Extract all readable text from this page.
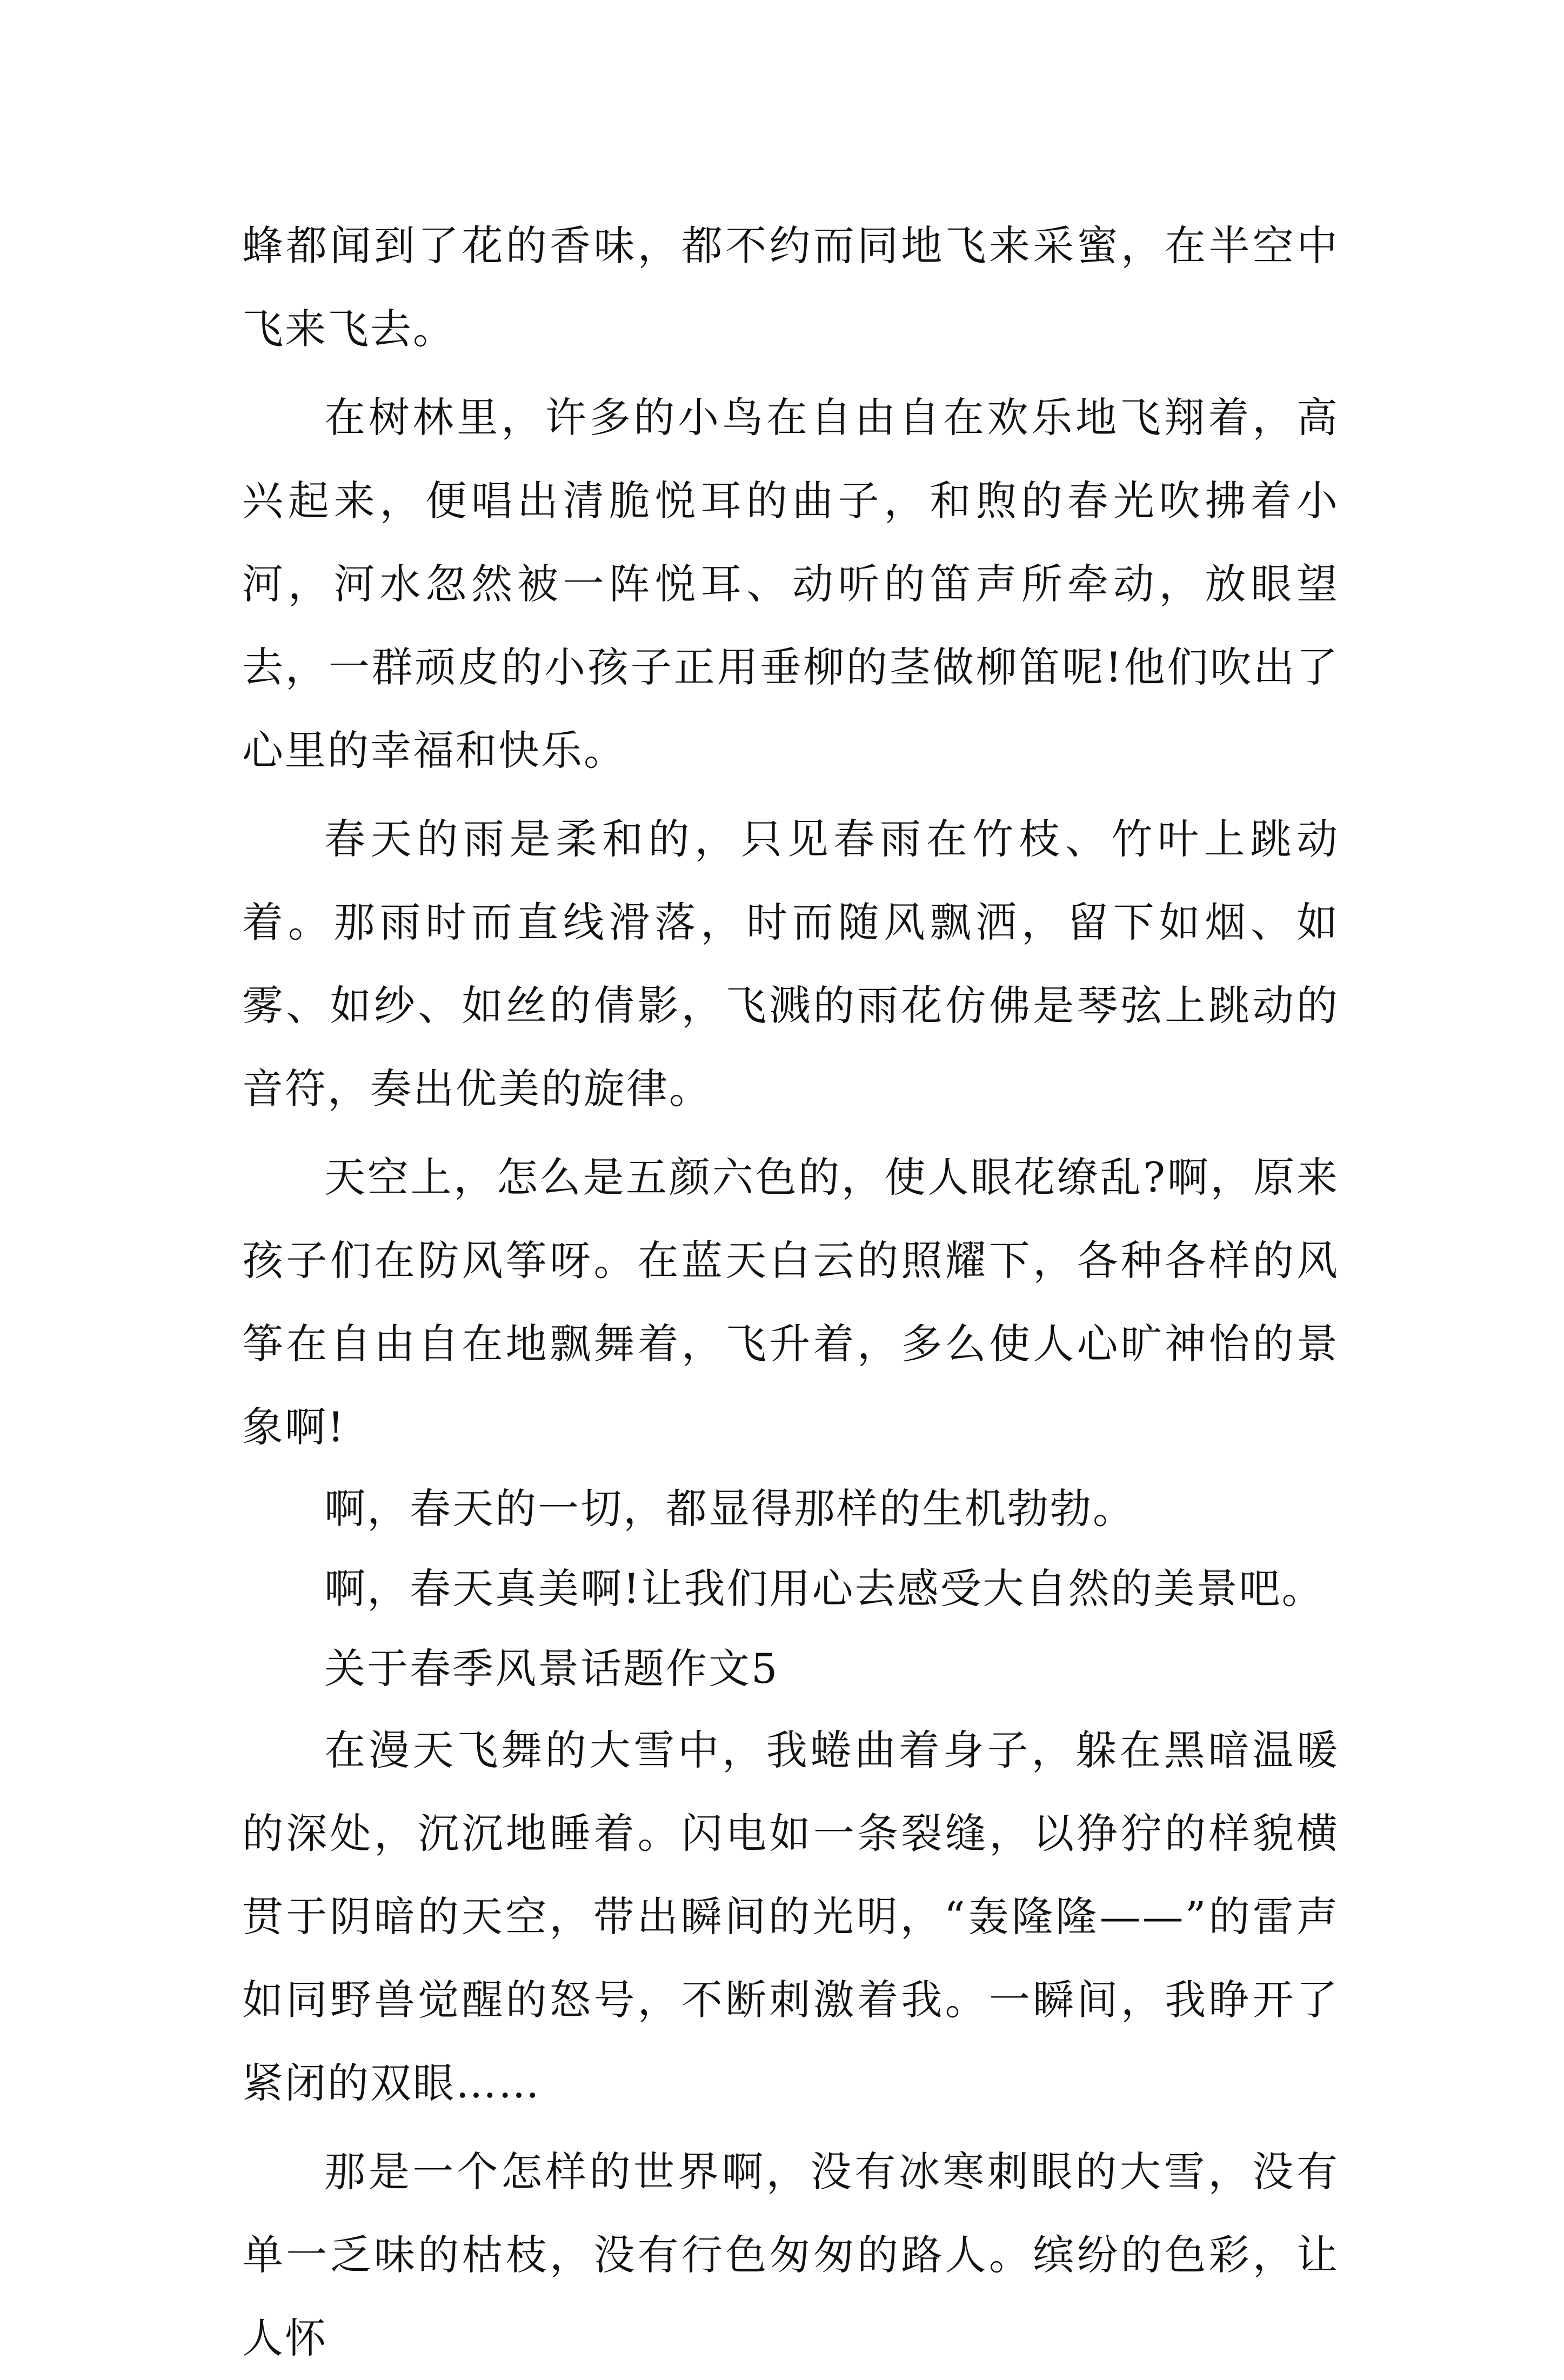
蜂都闻到了花的香味，都不约而同地飞来采蜜，在半空中飞来飞去。

在树林里，许多的小鸟在自由自在欢乐地飞翔着，高兴起来，便唱出清脆悦耳的曲子，和煦的春光吹拂着小河，河水忽然被一阵悦耳、动听的笛声所牵动，放眼望去，一群顽皮的小孩子正用垂柳的茎做柳笛呢!他们吹出了心里的幸福和快乐。

春天的雨是柔和的，只见春雨在竹枝、竹叶上跳动着。那雨时而直线滑落，时而随风飘洒，留下如烟、如雾、如纱、如丝的倩影，飞溅的雨花仿佛是琴弦上跳动的音符，奏出优美的旋律。

天空上，怎么是五颜六色的，使人眼花缭乱?啊，原来孩子们在防风筝呀。在蓝天白云的照耀下，各种各样的风筝在自由自在地飘舞着，飞升着，多么使人心旷神怡的景象啊!

啊，春天的一切，都显得那样的生机勃勃。

啊，春天真美啊!让我们用心去感受大自然的美景吧。

关于春季风景话题作文5

在漫天飞舞的大雪中，我蜷曲着身子，躲在黑暗温暖的深处，沉沉地睡着。闪电如一条裂缝，以狰狞的样貌横贯于阴暗的天空，带出瞬间的光明，“轰隆隆——”的雷声如同野兽觉醒的怒号，不断刺激着我。一瞬间，我睁开了紧闭的双眼……

那是一个怎样的世界啊，没有冰寒刺眼的大雪，没有单一乏味的枯枝，没有行色匆匆的路人。缤纷的色彩，让人怀
